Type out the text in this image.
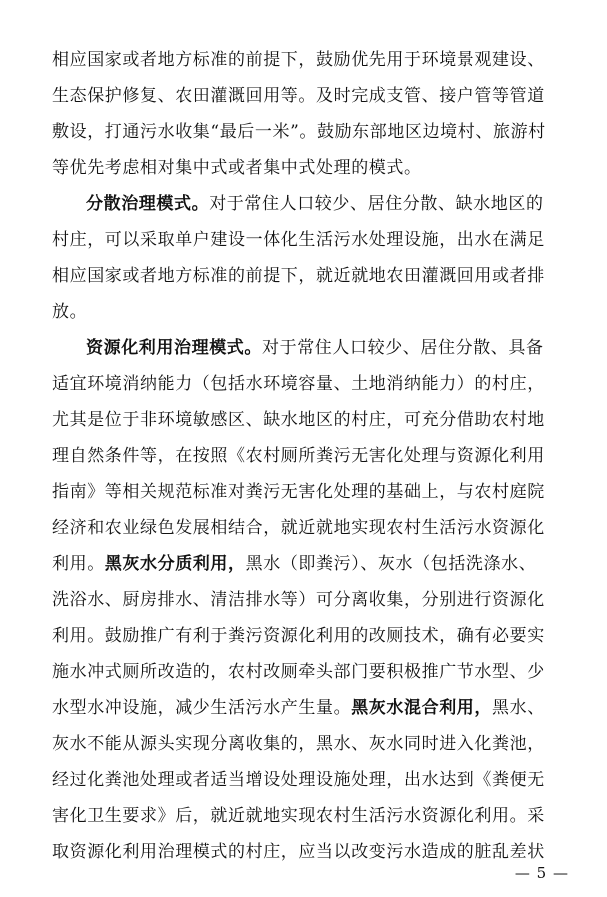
相应国家或者地方标准的前提下，鼓励优先用于环境景观建设、
生态保护修复、农田灌溉回用等。及时完成支管、接户管等管道
敷设，打通污水收集“最后一米”。鼓励东部地区边境村、旅游村
等优先考虑相对集中式或者集中式处理的模式。
分散治理模式。对于常住人口较少、居住分散、缺水地区的
村庄，可以采取单户建设一体化生活污水处理设施，出水在满足
相应国家或者地方标准的前提下，就近就地农田灌溉回用或者排
放。
资源化利用治理模式。对于常住人口较少、居住分散、具备
适宜环境消纳能力（包括水环境容量、土地消纳能力）的村庄，
尤其是位于非环境敏感区、缺水地区的村庄，可充分借助农村地
理自然条件等，在按照《农村厕所粪污无害化处理与资源化利用
指南》等相关规范标准对粪污无害化处理的基础上，与农村庭院
经济和农业绿色发展相结合，就近就地实现农村生活污水资源化
利用。黑灰水分质利用，黑水（即粪污）、灰水（包括洗涤水、
洗浴水、厨房排水、清洁排水等）可分离收集，分别进行资源化
利用。鼓励推广有利于粪污资源化利用的改厕技术，确有必要实
施水冲式厕所改造的，农村改厕牵头部门要积极推广节水型、少
水型水冲设施，减少生活污水产生量。黑灰水混合利用，黑水、
灰水不能从源头实现分离收集的，黑水、灰水同时进入化粪池，
经过化粪池处理或者适当增设处理设施处理，出水达到《粪便无
害化卫生要求》后，就近就地实现农村生活污水资源化利用。采
取资源化利用治理模式的村庄，应当以改变污水造成的脏乱差状
— 5 —
